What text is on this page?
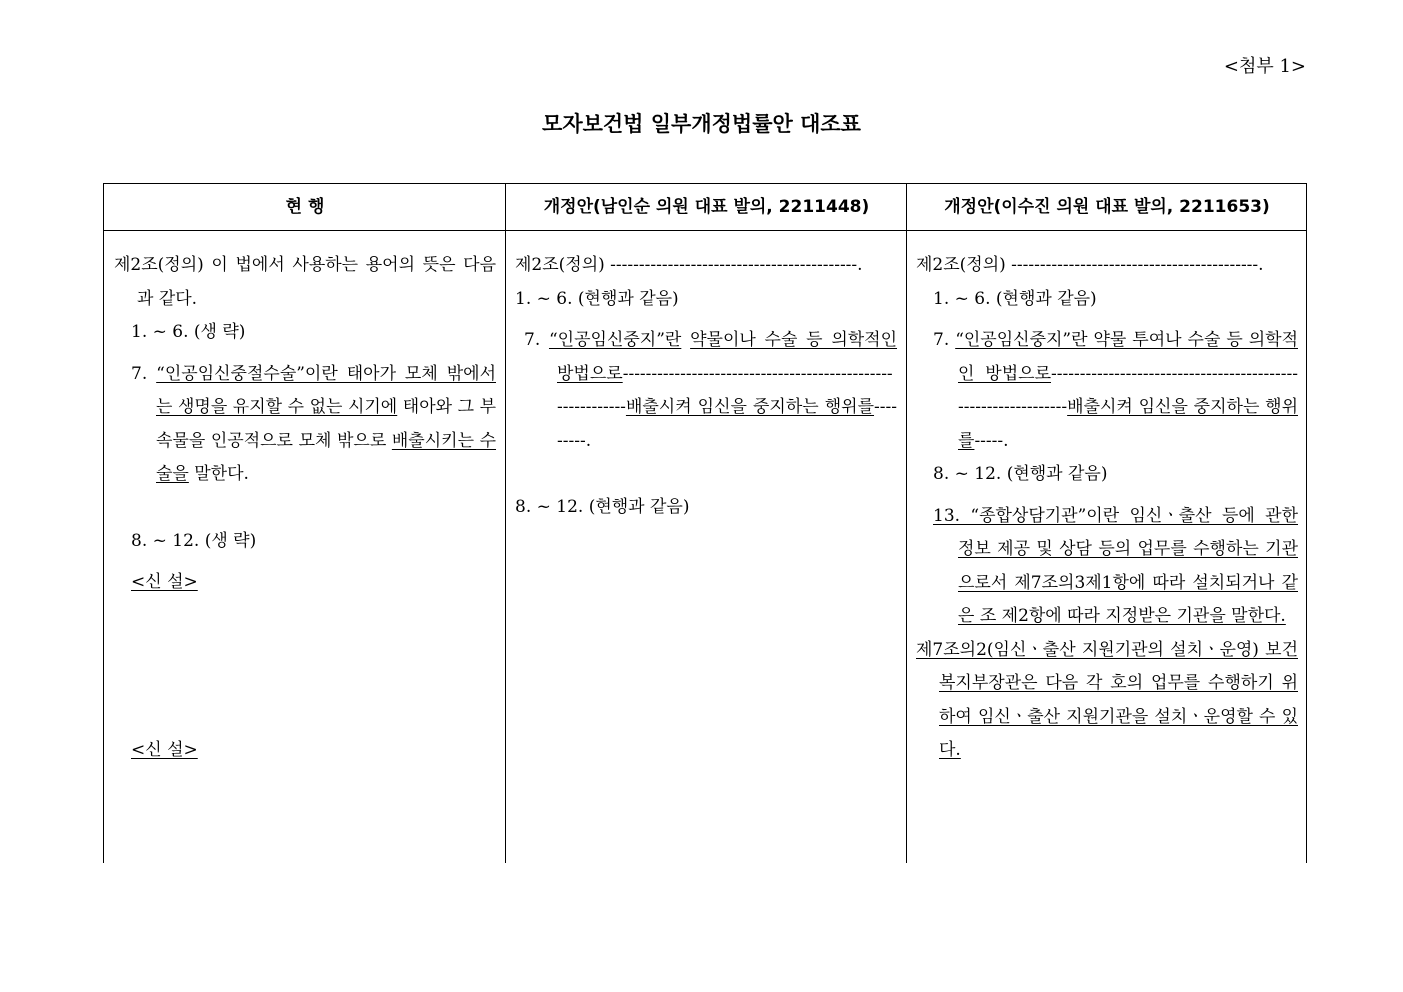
<첨부 1>

모자보건법 일부개정법률안 대조표
현 행	개정안(남인순 의원 대표 발의, 2211448)	개정안(이수진 의원 대표 발의, 2211653)

제2조(정의) 이 법에서 사용하는 용어의 뜻은 다음과 같다.

1. ~ 6. (생 략)

7. “인공임신중절수술”이란 태아가 모체 밖에서는 생명을 유지할 수 없는 시기에 태아와 그 부속물을 인공적으로 모체 밖으로 배출시키는 수술을 말한다.

8. ~ 12. (생 략)

<신 설>

<신 설>

제2조(정의) -------------------------------------------.

1. ~ 6. (현행과 같음)

7. “인공임신중지”란 약물이나 수술 등 의학적인 방법으로-----------------------------------------------------------배출시켜 임신을 중지하는 행위를---------.

8. ~ 12. (현행과 같음)

제2조(정의) -------------------------------------------.

1. ~ 6. (현행과 같음)

7. “인공임신중지”란 약물 투여나 수술 등 의학적인 방법으로--------------------------------------------------------------배출시켜 임신을 중지하는 행위를-----.

8. ~ 12. (현행과 같음)

13. “종합상담기관”이란 임신ㆍ출산 등에 관한 정보 제공 및 상담 등의 업무를 수행하는 기관으로서 제7조의3제1항에 따라 설치되거나 같은 조 제2항에 따라 지정받은 기관을 말한다.

제7조의2(임신ㆍ출산 지원기관의 설치ㆍ운영) 보건복지부장관은 다음 각 호의 업무를 수행하기 위하여 임신ㆍ출산 지원기관을 설치ㆍ운영할 수 있다.
